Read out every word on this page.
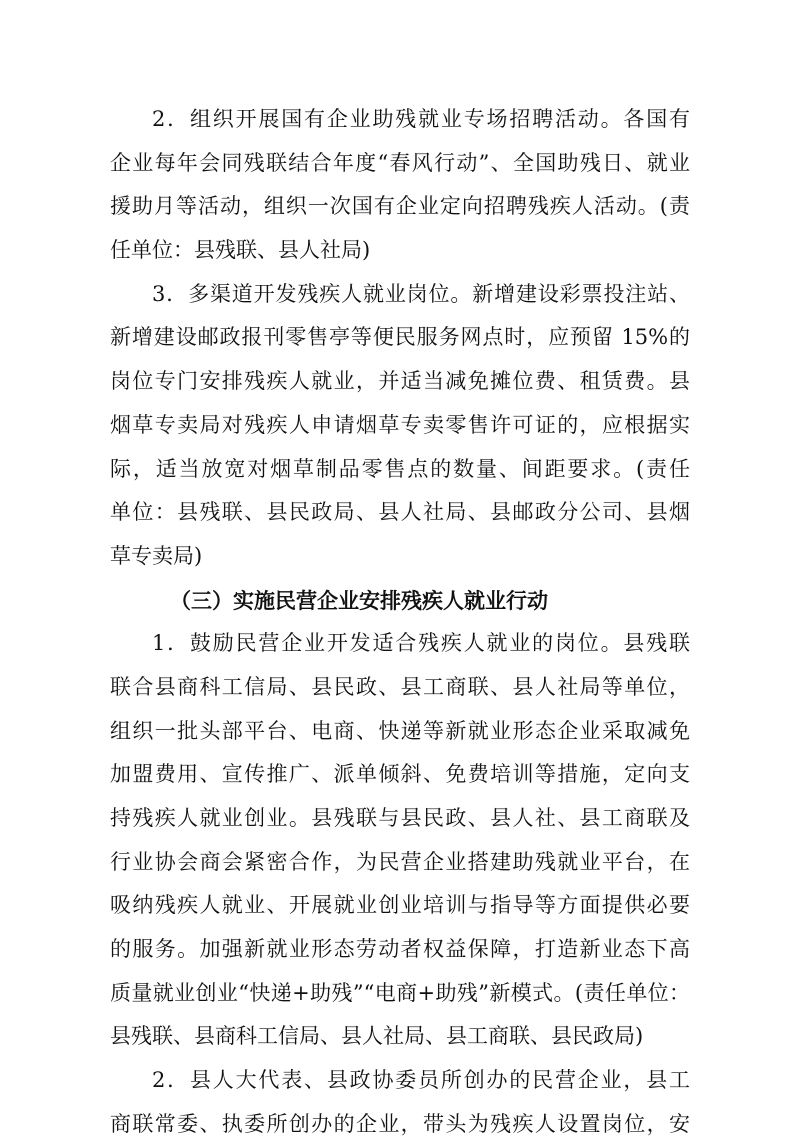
2．组织开展国有企业助残就业专场招聘活动。各国有
企业每年会同残联结合年度“春风行动”、全国助残日、就业
援助月等活动，组织一次国有企业定向招聘残疾人活动。(责
任单位：县残联、县人社局)
3．多渠道开发残疾人就业岗位。新增建设彩票投注站、
新增建设邮政报刊零售亭等便民服务网点时，应预留 15%的
岗位专门安排残疾人就业，并适当减免摊位费、租赁费。县
烟草专卖局对残疾人申请烟草专卖零售许可证的，应根据实
际，适当放宽对烟草制品零售点的数量、间距要求。(责任
单位：县残联、县民政局、县人社局、县邮政分公司、县烟
草专卖局)
（三）实施民营企业安排残疾人就业行动
1．鼓励民营企业开发适合残疾人就业的岗位。县残联
联合县商科工信局、县民政、县工商联、县人社局等单位，
组织一批头部平台、电商、快递等新就业形态企业采取减免
加盟费用、宣传推广、派单倾斜、免费培训等措施，定向支
持残疾人就业创业。县残联与县民政、县人社、县工商联及
行业协会商会紧密合作，为民营企业搭建助残就业平台，在
吸纳残疾人就业、开展就业创业培训与指导等方面提供必要
的服务。加强新就业形态劳动者权益保障，打造新业态下高
质量就业创业“快递+助残”“电商+助残”新模式。(责任单位：
县残联、县商科工信局、县人社局、县工商联、县民政局)
2．县人大代表、县政协委员所创办的民营企业，县工
商联常委、执委所创办的企业，带头为残疾人设置岗位，安
